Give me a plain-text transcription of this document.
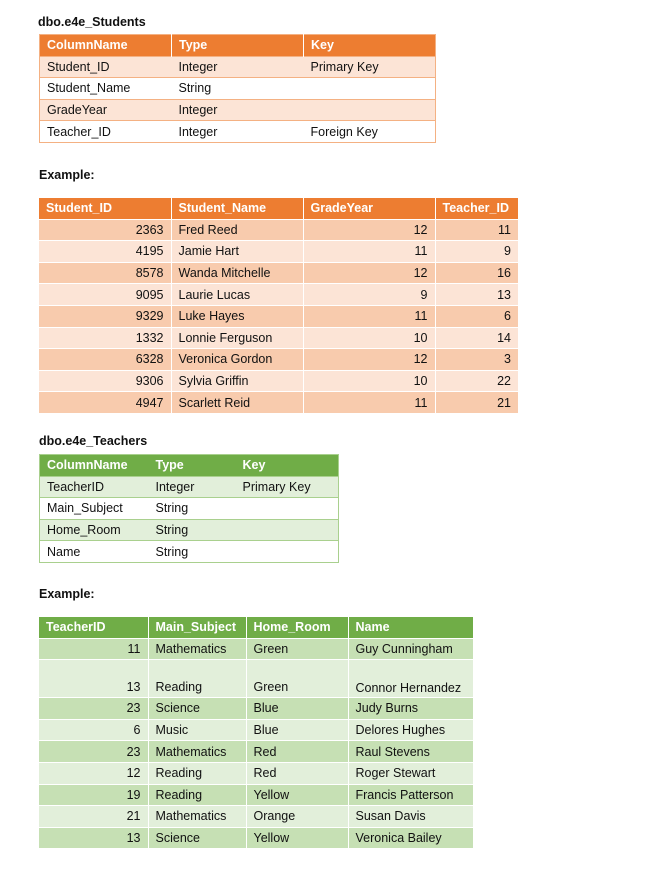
dbo.e4e_Students
ColumnName	Type	Key
Student_ID	Integer	Primary Key
Student_Name	String	
GradeYear	Integer	
Teacher_ID	Integer	Foreign Key
Example:
Student_ID	Student_Name	GradeYear	Teacher_ID
2363	Fred Reed	12	11
4195	Jamie Hart	11	9
8578	Wanda Mitchelle	12	16
9095	Laurie Lucas	9	13
9329	Luke Hayes	11	6
1332	Lonnie Ferguson	10	14
6328	Veronica Gordon	12	3
9306	Sylvia Griffin	10	22
4947	Scarlett Reid	11	21
dbo.e4e_Teachers
ColumnName	Type	Key
TeacherID	Integer	Primary Key
Main_Subject	String	
Home_Room	String	
Name	String	
Example:
TeacherID	Main_Subject	Home_Room	Name
11	Mathematics	Green	Guy Cunningham
13	Reading	Green	Connor Hernandez
23	Science	Blue	Judy Burns
6	Music	Blue	Delores Hughes
23	Mathematics	Red	Raul Stevens
12	Reading	Red	Roger Stewart
19	Reading	Yellow	Francis Patterson
21	Mathematics	Orange	Susan Davis
13	Science	Yellow	Veronica Bailey
